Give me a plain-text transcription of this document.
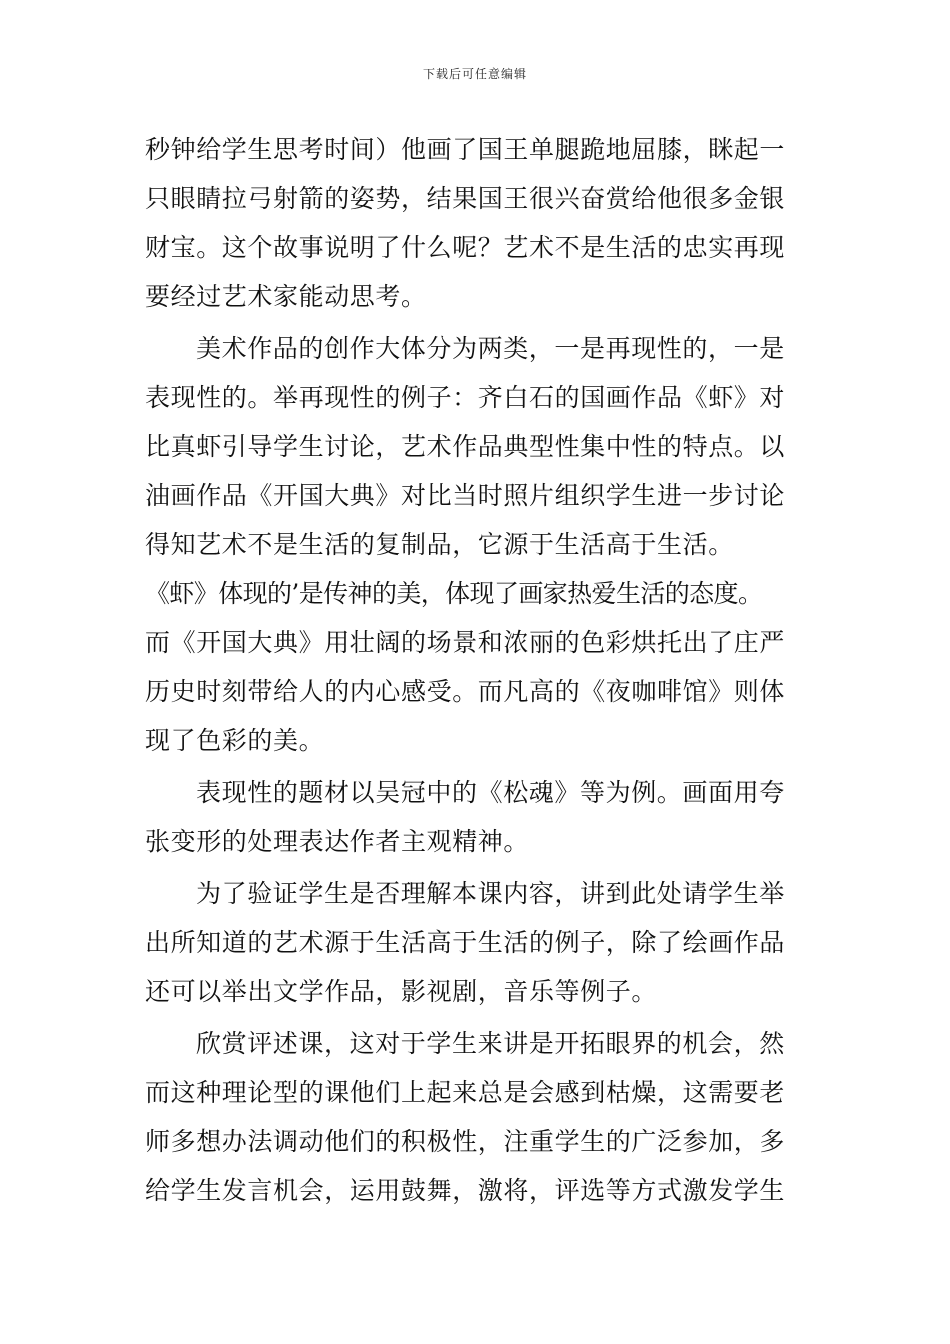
下载后可任意编辑

秒钟给学生思考时间）他画了国王单腿跪地屈膝，眯起一
只眼睛拉弓射箭的姿势，结果国王很兴奋赏给他很多金银
财宝。这个故事说明了什么呢？艺术不是生活的忠实再现
要经过艺术家能动思考。

美术作品的创作大体分为两类，一是再现性的，一是
表现性的。举再现性的例子：齐白石的国画作品《虾》对
比真虾引导学生讨论，艺术作品典型性集中性的特点。以
油画作品《开国大典》对比当时照片组织学生进一步讨论
得知艺术不是生活的复制品，它源于生活高于生活。
《虾》体现的’是传神的美，体现了画家热爱生活的态度。
而《开国大典》用壮阔的场景和浓丽的色彩烘托出了庄严
历史时刻带给人的内心感受。而凡高的《夜咖啡馆》则体
现了色彩的美。

表现性的题材以吴冠中的《松魂》等为例。画面用夸
张变形的处理表达作者主观精神。

为了验证学生是否理解本课内容，讲到此处请学生举
出所知道的艺术源于生活高于生活的例子，除了绘画作品
还可以举出文学作品，影视剧，音乐等例子。

欣赏评述课，这对于学生来讲是开拓眼界的机会，然
而这种理论型的课他们上起来总是会感到枯燥，这需要老
师多想办法调动他们的积极性，注重学生的广泛参加，多
给学生发言机会，运用鼓舞，激将，评选等方式激发学生
